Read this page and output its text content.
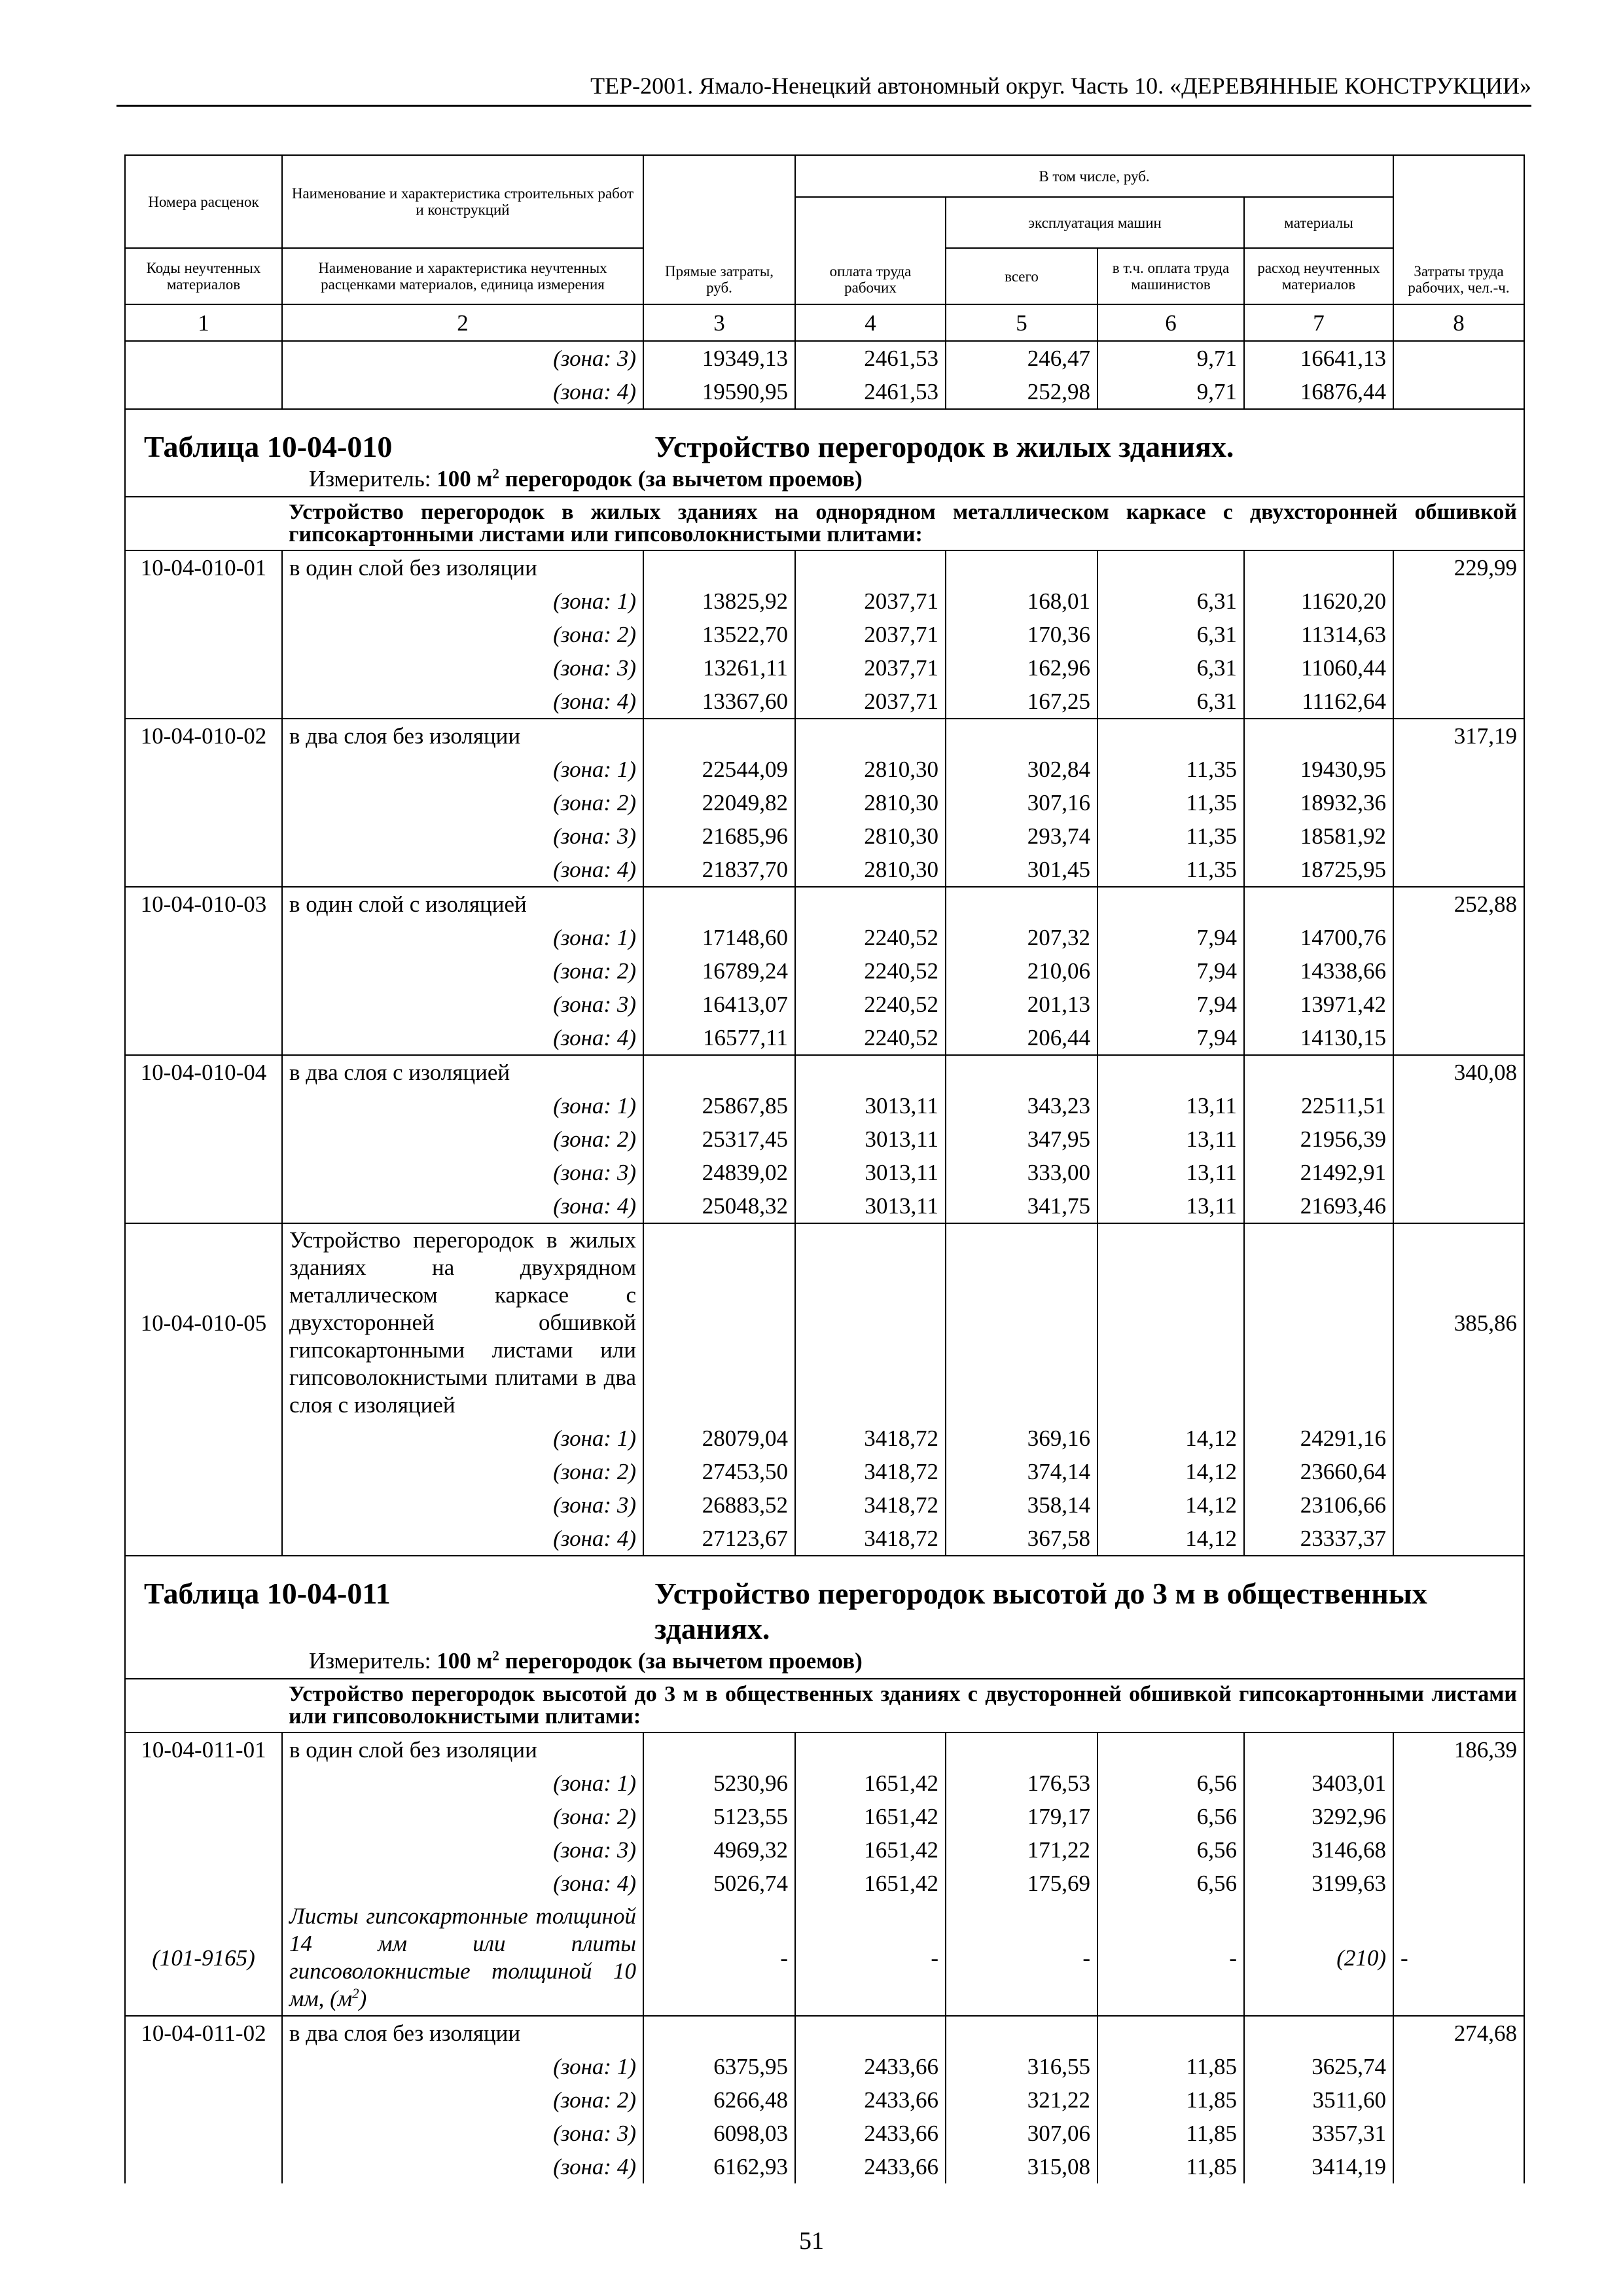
ТЕР-2001. Ямало-Ненецкий автономный округ. Часть 10. «ДЕРЕВЯННЫЕ КОНСТРУКЦИИ»
Номера расценок	Наименование и характеристика строительных работ и конструкций	Прямые затраты, руб.	В том числе, руб.				Затраты труда рабочих, чел.-ч.
			оплата труда рабочих	эксплуатация машин		материалы	
Коды неучтенных материалов	Наименование и характеристика неучтенных расценками материалов, единица измерения			всего	в т.ч. оплата труда машинистов	расход неучтенных материалов	
1	2	3	4	5	6	7	8
	(зона: 3)	19349,13	2461,53	246,47	9,71	16641,13	
	(зона: 4)	19590,95	2461,53	252,98	9,71	16876,44	

Таблица 10-04-010 Устройство перегородок в жилых зданиях.
Измеритель: 100 $м^2$ перегородок (за вычетом проемов)							

	Устройство перегородок в жилых зданиях на однорядном металлическом каркасе с двухсторонней обшивкой гипсокартонными листами или гипсоволокнистыми плитами:						
10-04-010-01	в один слой без изоляции						229,99
	(зона: 1)	13825,92	2037,71	168,01	6,31	11620,20	
	(зона: 2)	13522,70	2037,71	170,36	6,31	11314,63	
	(зона: 3)	13261,11	2037,71	162,96	6,31	11060,44	
	(зона: 4)	13367,60	2037,71	167,25	6,31	11162,64	
10-04-010-02	в два слоя без изоляции						317,19
	(зона: 1)	22544,09	2810,30	302,84	11,35	19430,95	
	(зона: 2)	22049,82	2810,30	307,16	11,35	18932,36	
	(зона: 3)	21685,96	2810,30	293,74	11,35	18581,92	
	(зона: 4)	21837,70	2810,30	301,45	11,35	18725,95	
10-04-010-03	в один слой с изоляцией						252,88
	(зона: 1)	17148,60	2240,52	207,32	7,94	14700,76	
	(зона: 2)	16789,24	2240,52	210,06	7,94	14338,66	
	(зона: 3)	16413,07	2240,52	201,13	7,94	13971,42	
	(зона: 4)	16577,11	2240,52	206,44	7,94	14130,15	
10-04-010-04	в два слоя с изоляцией						340,08
	(зона: 1)	25867,85	3013,11	343,23	13,11	22511,51	
	(зона: 2)	25317,45	3013,11	347,95	13,11	21956,39	
	(зона: 3)	24839,02	3013,11	333,00	13,11	21492,91	
	(зона: 4)	25048,32	3013,11	341,75	13,11	21693,46	
10-04-010-05	Устройство перегородок в жилых зданиях на двухрядном металлическом каркасе с двухсторонней обшивкой гипсокартонными листами или гипсоволокнистыми плитами в два слоя с изоляцией						385,86
	(зона: 1)	28079,04	3418,72	369,16	14,12	24291,16	
	(зона: 2)	27453,50	3418,72	374,14	14,12	23660,64	
	(зона: 3)	26883,52	3418,72	358,14	14,12	23106,66	
	(зона: 4)	27123,67	3418,72	367,58	14,12	23337,37	

Таблица 10-04-011 Устройство перегородок высотой до 3 м в общественных зданиях.
Измеритель: 100 $м^2$ перегородок (за вычетом проемов)							

	Устройство перегородок высотой до 3 м в общественных зданиях с двусторонней обшивкой гипсокартонными листами или гипсоволокнистыми плитами:						
10-04-011-01	в один слой без изоляции						186,39
	(зона: 1)	5230,96	1651,42	176,53	6,56	3403,01	
	(зона: 2)	5123,55	1651,42	179,17	6,56	3292,96	
	(зона: 3)	4969,32	1651,42	171,22	6,56	3146,68	
	(зона: 4)	5026,74	1651,42	175,69	6,56	3199,63	
(101-9165)	Листы гипсокартонные толщиной 14 мм или плиты гипсоволокнистые толщиной 10 мм, $(м^2)$	-	-	-	-	(210)	-
10-04-011-02	в два слоя без изоляции						274,68
	(зона: 1)	6375,95	2433,66	316,55	11,85	3625,74	
	(зона: 2)	6266,48	2433,66	321,22	11,85	3511,60	
	(зона: 3)	6098,03	2433,66	307,06	11,85	3357,31	
	(зона: 4)	6162,93	2433,66	315,08	11,85	3414,19	
51
